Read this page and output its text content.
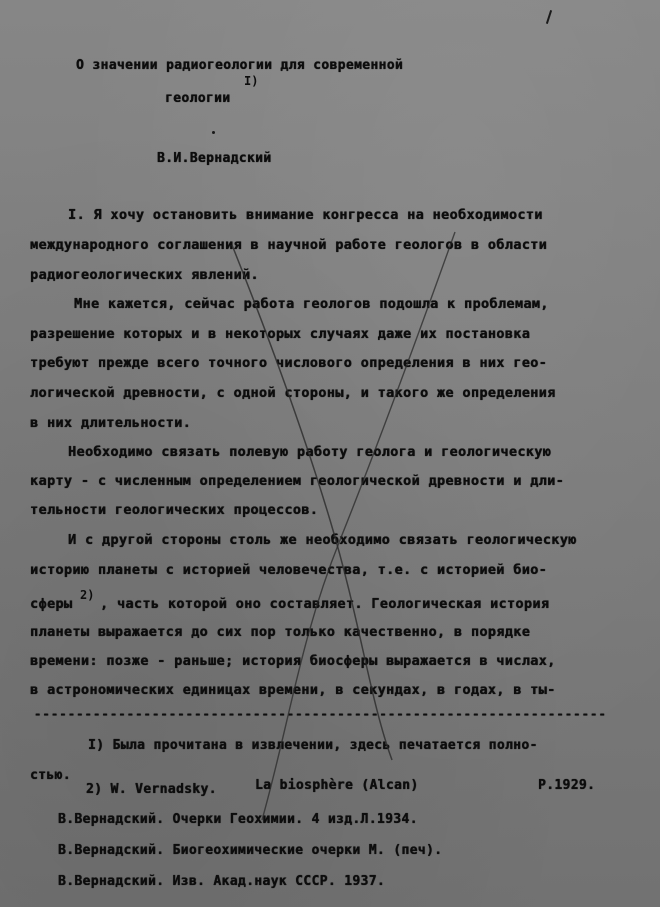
О значении радиогеологии для современной
геологии
I)
В.И.Вернадский
I. Я хочу остановить внимание конгресса на необходимости
международного соглашения в научной работе геологов в области
радиогеологических явлений.
Мне кажется, сейчас работа геологов подошла к проблемам,
разрешение которых и в некоторых случаях даже их постановка
требуют прежде всего точного числового определения в них гео-
логической древности, с одной стороны, и такого же определения
в них длительности.
Необходимо связать полевую работу геолога и геологическую
карту - с численным определением геологической древности и дли-
тельности геологических процессов.
И с другой стороны столь же необходимо связать геологическую
историю планеты с историей человечества, т.е. с историей био-
сферы
2)
, часть которой оно составляет. Геологическая история
планеты выражается до сих пор только качественно, в порядке
времени: позже - раньше; история биосферы выражается в числах,
в астрономических единицах времени, в секундах, в годах, в ты-
--------------------------------------------------------------------
I) Была прочитана в извлечении, здесь печатается полно-
стью.
2) W. Vernadsky.	La biosphère (Alcan)	P.1929.
В.Вернадский. Очерки Геохимии. 4 изд.Л.1934.
В.Вернадский. Биогеохимические очерки М. (печ).
В.Вернадский. Изв. Акад.наук СССР. 1937.
